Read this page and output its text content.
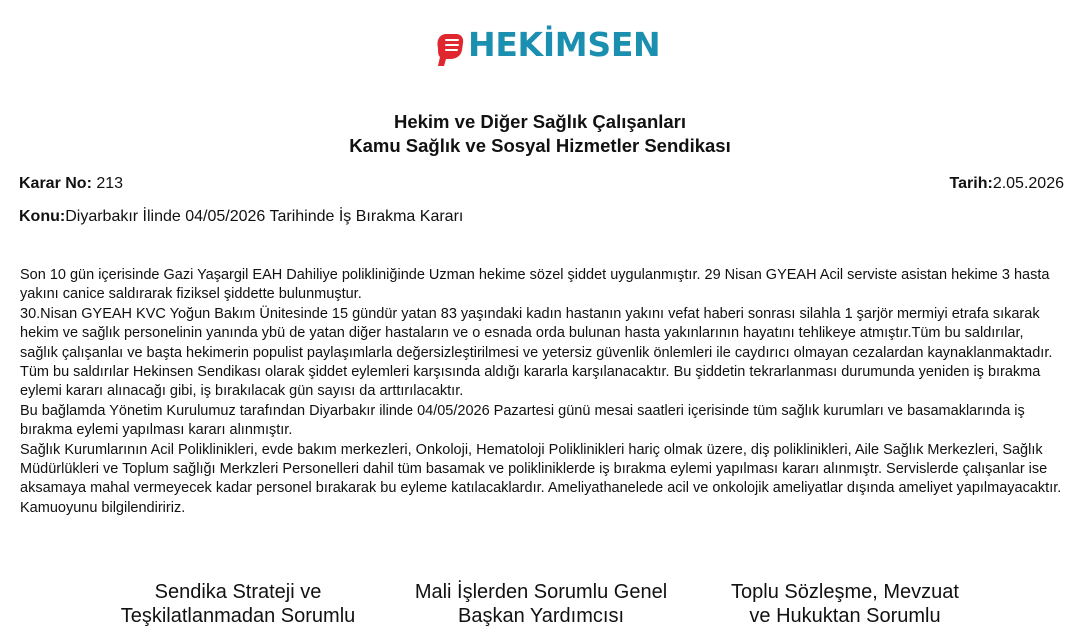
HEKİMSEN
Hekim ve Diğer Sağlık Çalışanları
Kamu Sağlık ve Sosyal Hizmetler Sendikası
Karar No: 213	Tarih:2.05.2026
Konu:Diyarbakır İlinde 04/05/2026 Tarihinde İş Bırakma Kararı

Son 10 gün içerisinde Gazi Yaşargil EAH Dahiliye polikliniğinde Uzman hekime sözel şiddet uygulanmıştır. 29 Nisan GYEAH Acil serviste asistan hekime 3 hasta yakını canice saldırarak fiziksel şiddette bulunmuştur.

30.Nisan GYEAH KVC Yoğun Bakım Ünitesinde 15 gündür yatan 83 yaşındaki kadın hastanın yakını vefat haberi sonrası silahla 1 şarjör mermiyi etrafa sıkarak hekim ve sağlık personelinin yanında ybü de yatan diğer hastaların ve o esnada orda bulunan hasta yakınlarının hayatını tehlikeye atmıştır.Tüm bu saldırılar, sağlık çalışanlaı ve başta hekimerin populist paylaşımlarla değersizleştirilmesi ve yetersiz güvenlik önlemleri ile caydırıcı olmayan cezalardan kaynaklanmaktadır.

Tüm bu saldırılar Hekinsen Sendikası olarak şiddet eylemleri karşısında aldığı kararla karşılanacaktır. Bu şiddetin tekrarlanması durumunda yeniden iş bırakma eylemi kararı alınacağı gibi, iş bırakılacak gün sayısı da arttırılacaktır.

Bu bağlamda Yönetim Kurulumuz tarafından Diyarbakır ilinde 04/05/2026 Pazartesi günü mesai saatleri içerisinde tüm sağlık kurumları ve basamaklarında iş bırakma eylemi yapılması kararı alınmıştır.

Sağlık Kurumlarının Acil Poliklinikleri, evde bakım merkezleri, Onkoloji, Hematoloji Poliklinikleri hariç olmak üzere, diş poliklinikleri, Aile Sağlık Merkezleri, Sağlık Müdürlükleri ve Toplum sağlığı Merkzleri Personelleri dahil tüm basamak ve polikliniklerde iş bırakma eylemi yapılması kararı alınmıştr. Servislerde çalışanlar ise aksamaya mahal vermeyecek kadar personel bırakarak bu eyleme katılacaklardır. Ameliyathanelede acil ve onkolojik ameliyatlar dışında ameliyet yapılmayacaktır.

Kamuoyunu bilgilendiririz.

Sendika Strateji ve
Teşkilatlanmadan Sorumlu
Mali İşlerden Sorumlu Genel
Başkan Yardımcısı
Toplu Sözleşme, Mevzuat
ve Hukuktan Sorumlu
